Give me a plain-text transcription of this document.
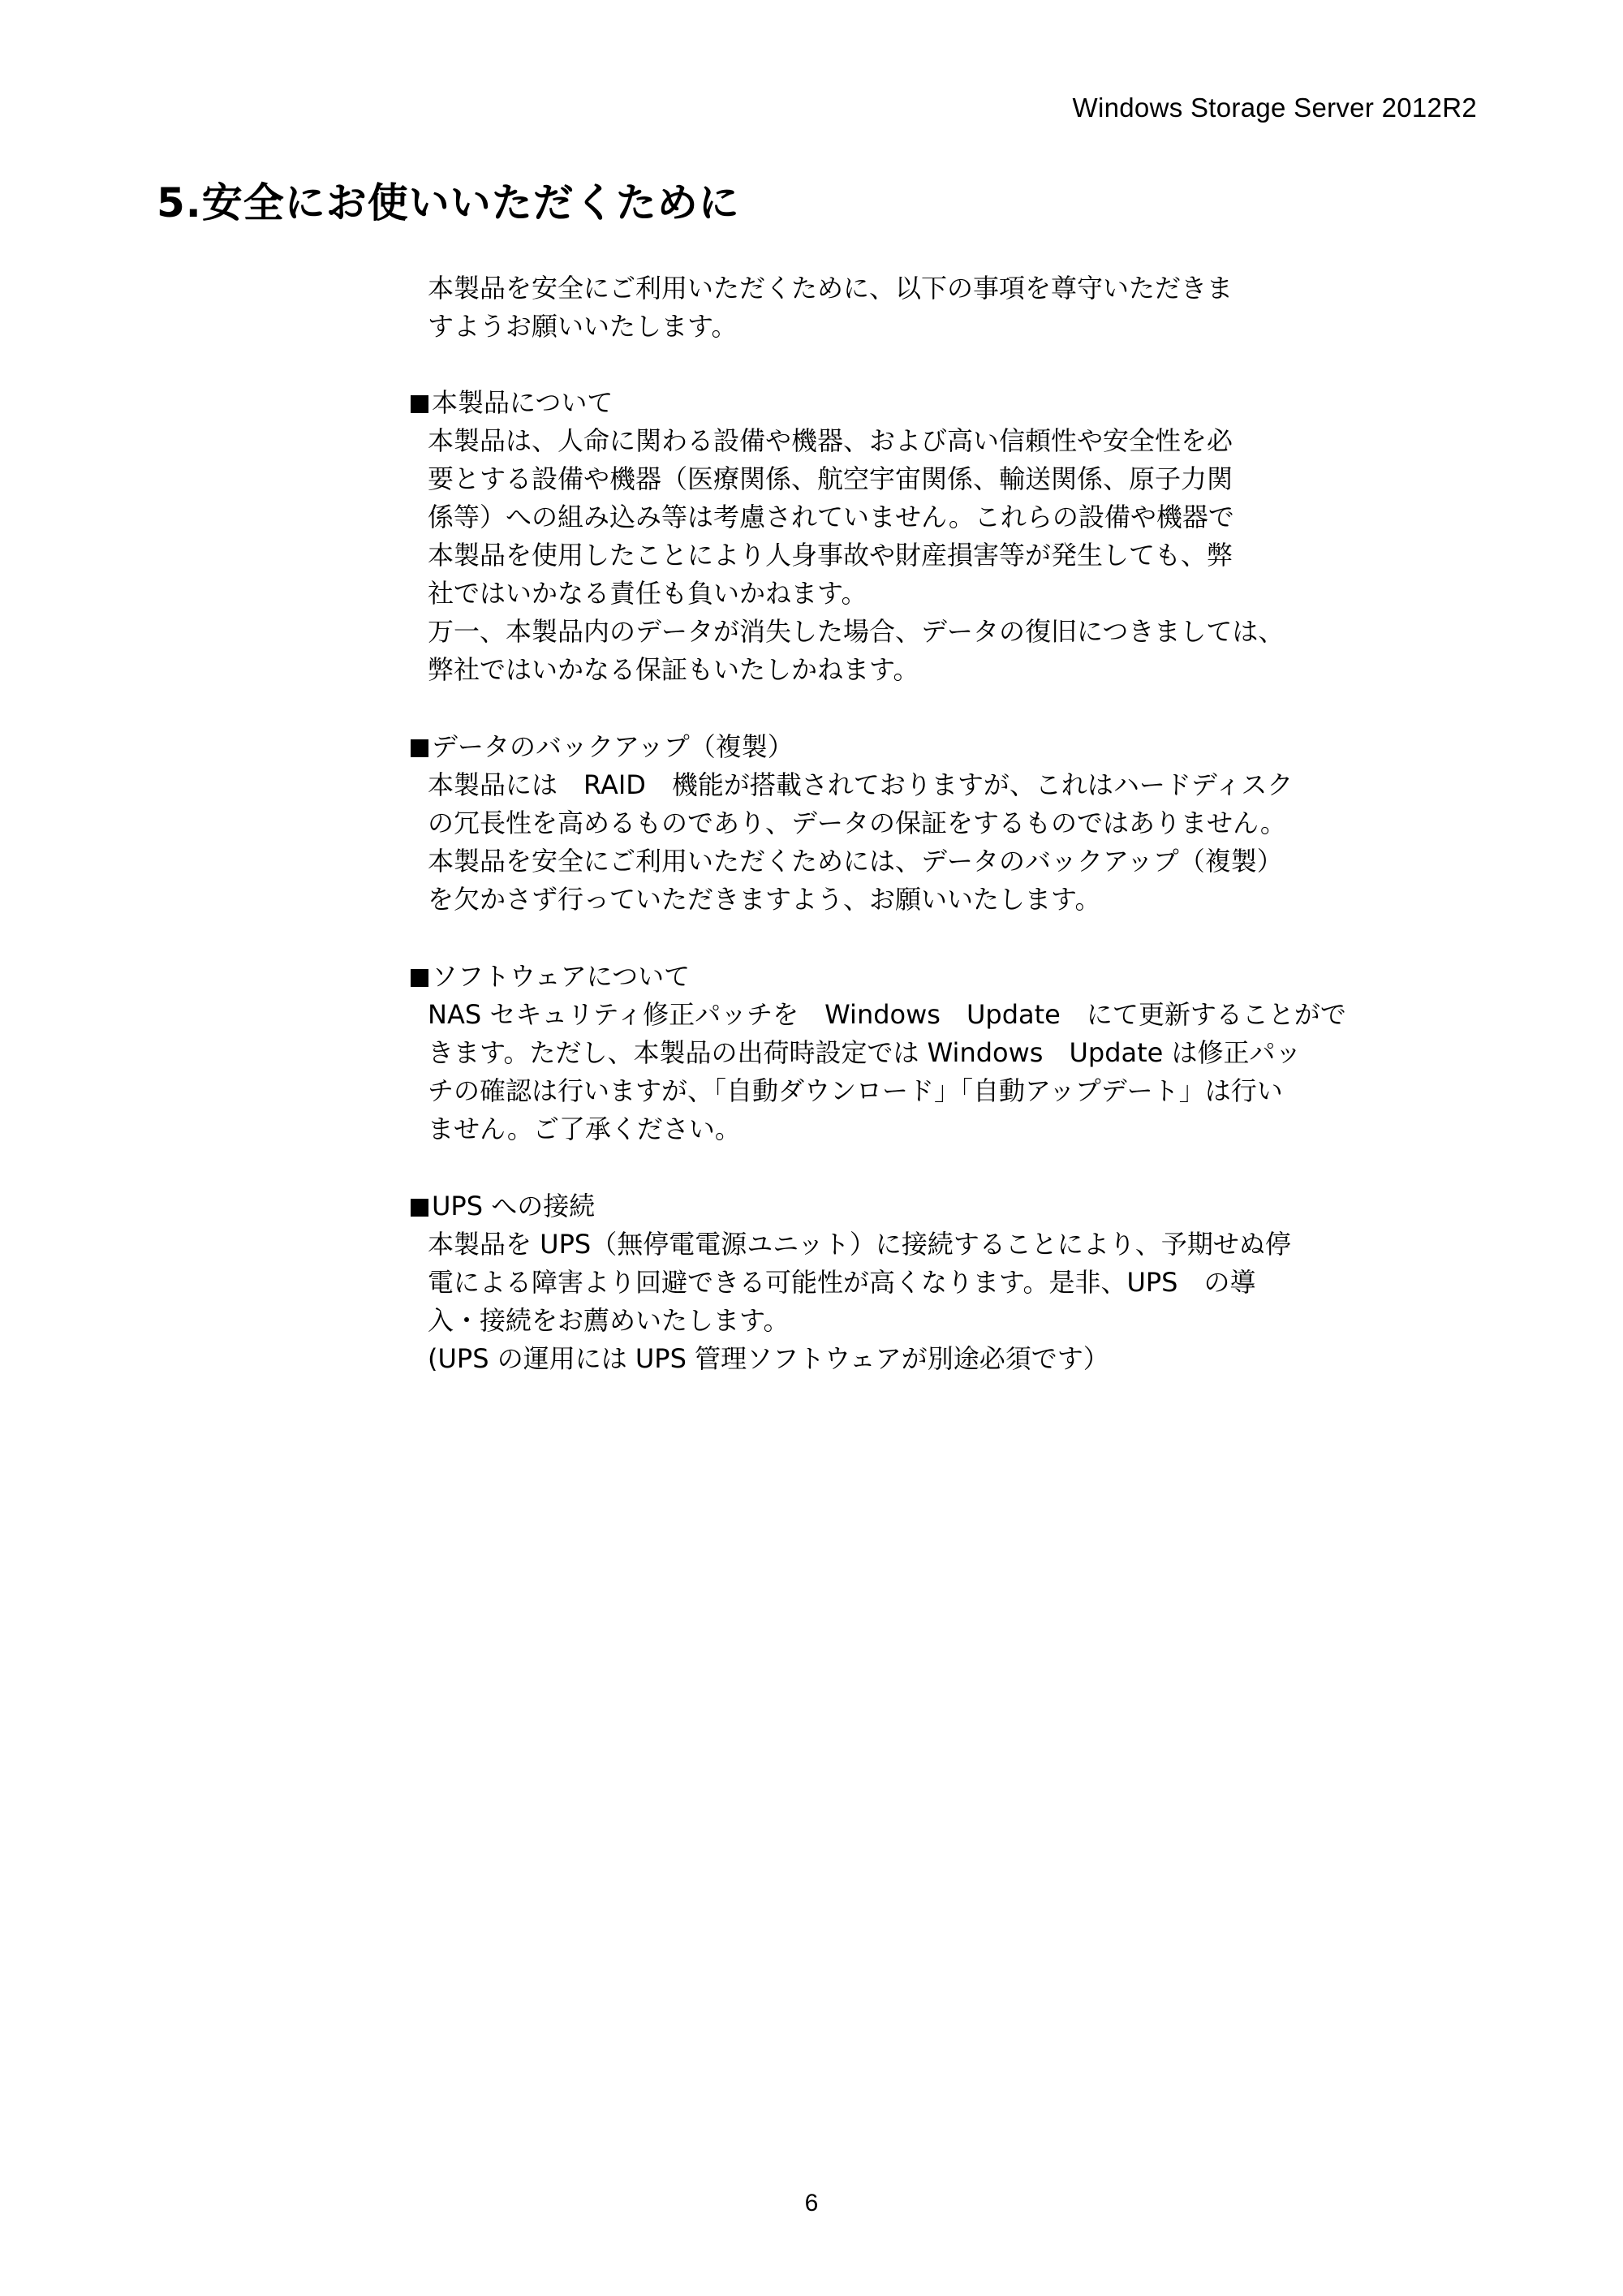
Windows Storage Server 2012R2
5.安全にお使いいただくために
本製品を安全にご利用いただくために、以下の事項を尊守いただきま
すようお願いいたします。
本製品について
本製品は、人命に関わる設備や機器、および高い信頼性や安全性を必
要とする設備や機器（医療関係、航空宇宙関係、輸送関係、原子力関
係等）への組み込み等は考慮されていません。これらの設備や機器で
本製品を使用したことにより人身事故や財産損害等が発生しても、弊
社ではいかなる責任も負いかねます。
万一、本製品内のデータが消失した場合、データの復旧につきましては、
弊社ではいかなる保証もいたしかねます。
データのバックアップ（複製）
本製品には　RAID　機能が搭載されておりますが、これはハードディスク
の冗長性を高めるものであり、データの保証をするものではありません。
本製品を安全にご利用いただくためには、データのバックアップ（複製）
を欠かさず行っていただきますよう、お願いいたします。
ソフトウェアについて
NAS セキュリティ修正パッチを　Windows　Update　にて更新することがで
きます。ただし、本製品の出荷時設定では Windows　Update は修正パッ
チの確認は行いますが、「自動ダウンロード」「自動アップデート」は行い
ません。ご了承ください。
UPS への接続
本製品を UPS（無停電電源ユニット）に接続することにより、予期せぬ停
電による障害より回避できる可能性が高くなります。是非、UPS　の導
入・接続をお薦めいたします。
(UPS の運用には UPS 管理ソフトウェアが別途必須です）
6
